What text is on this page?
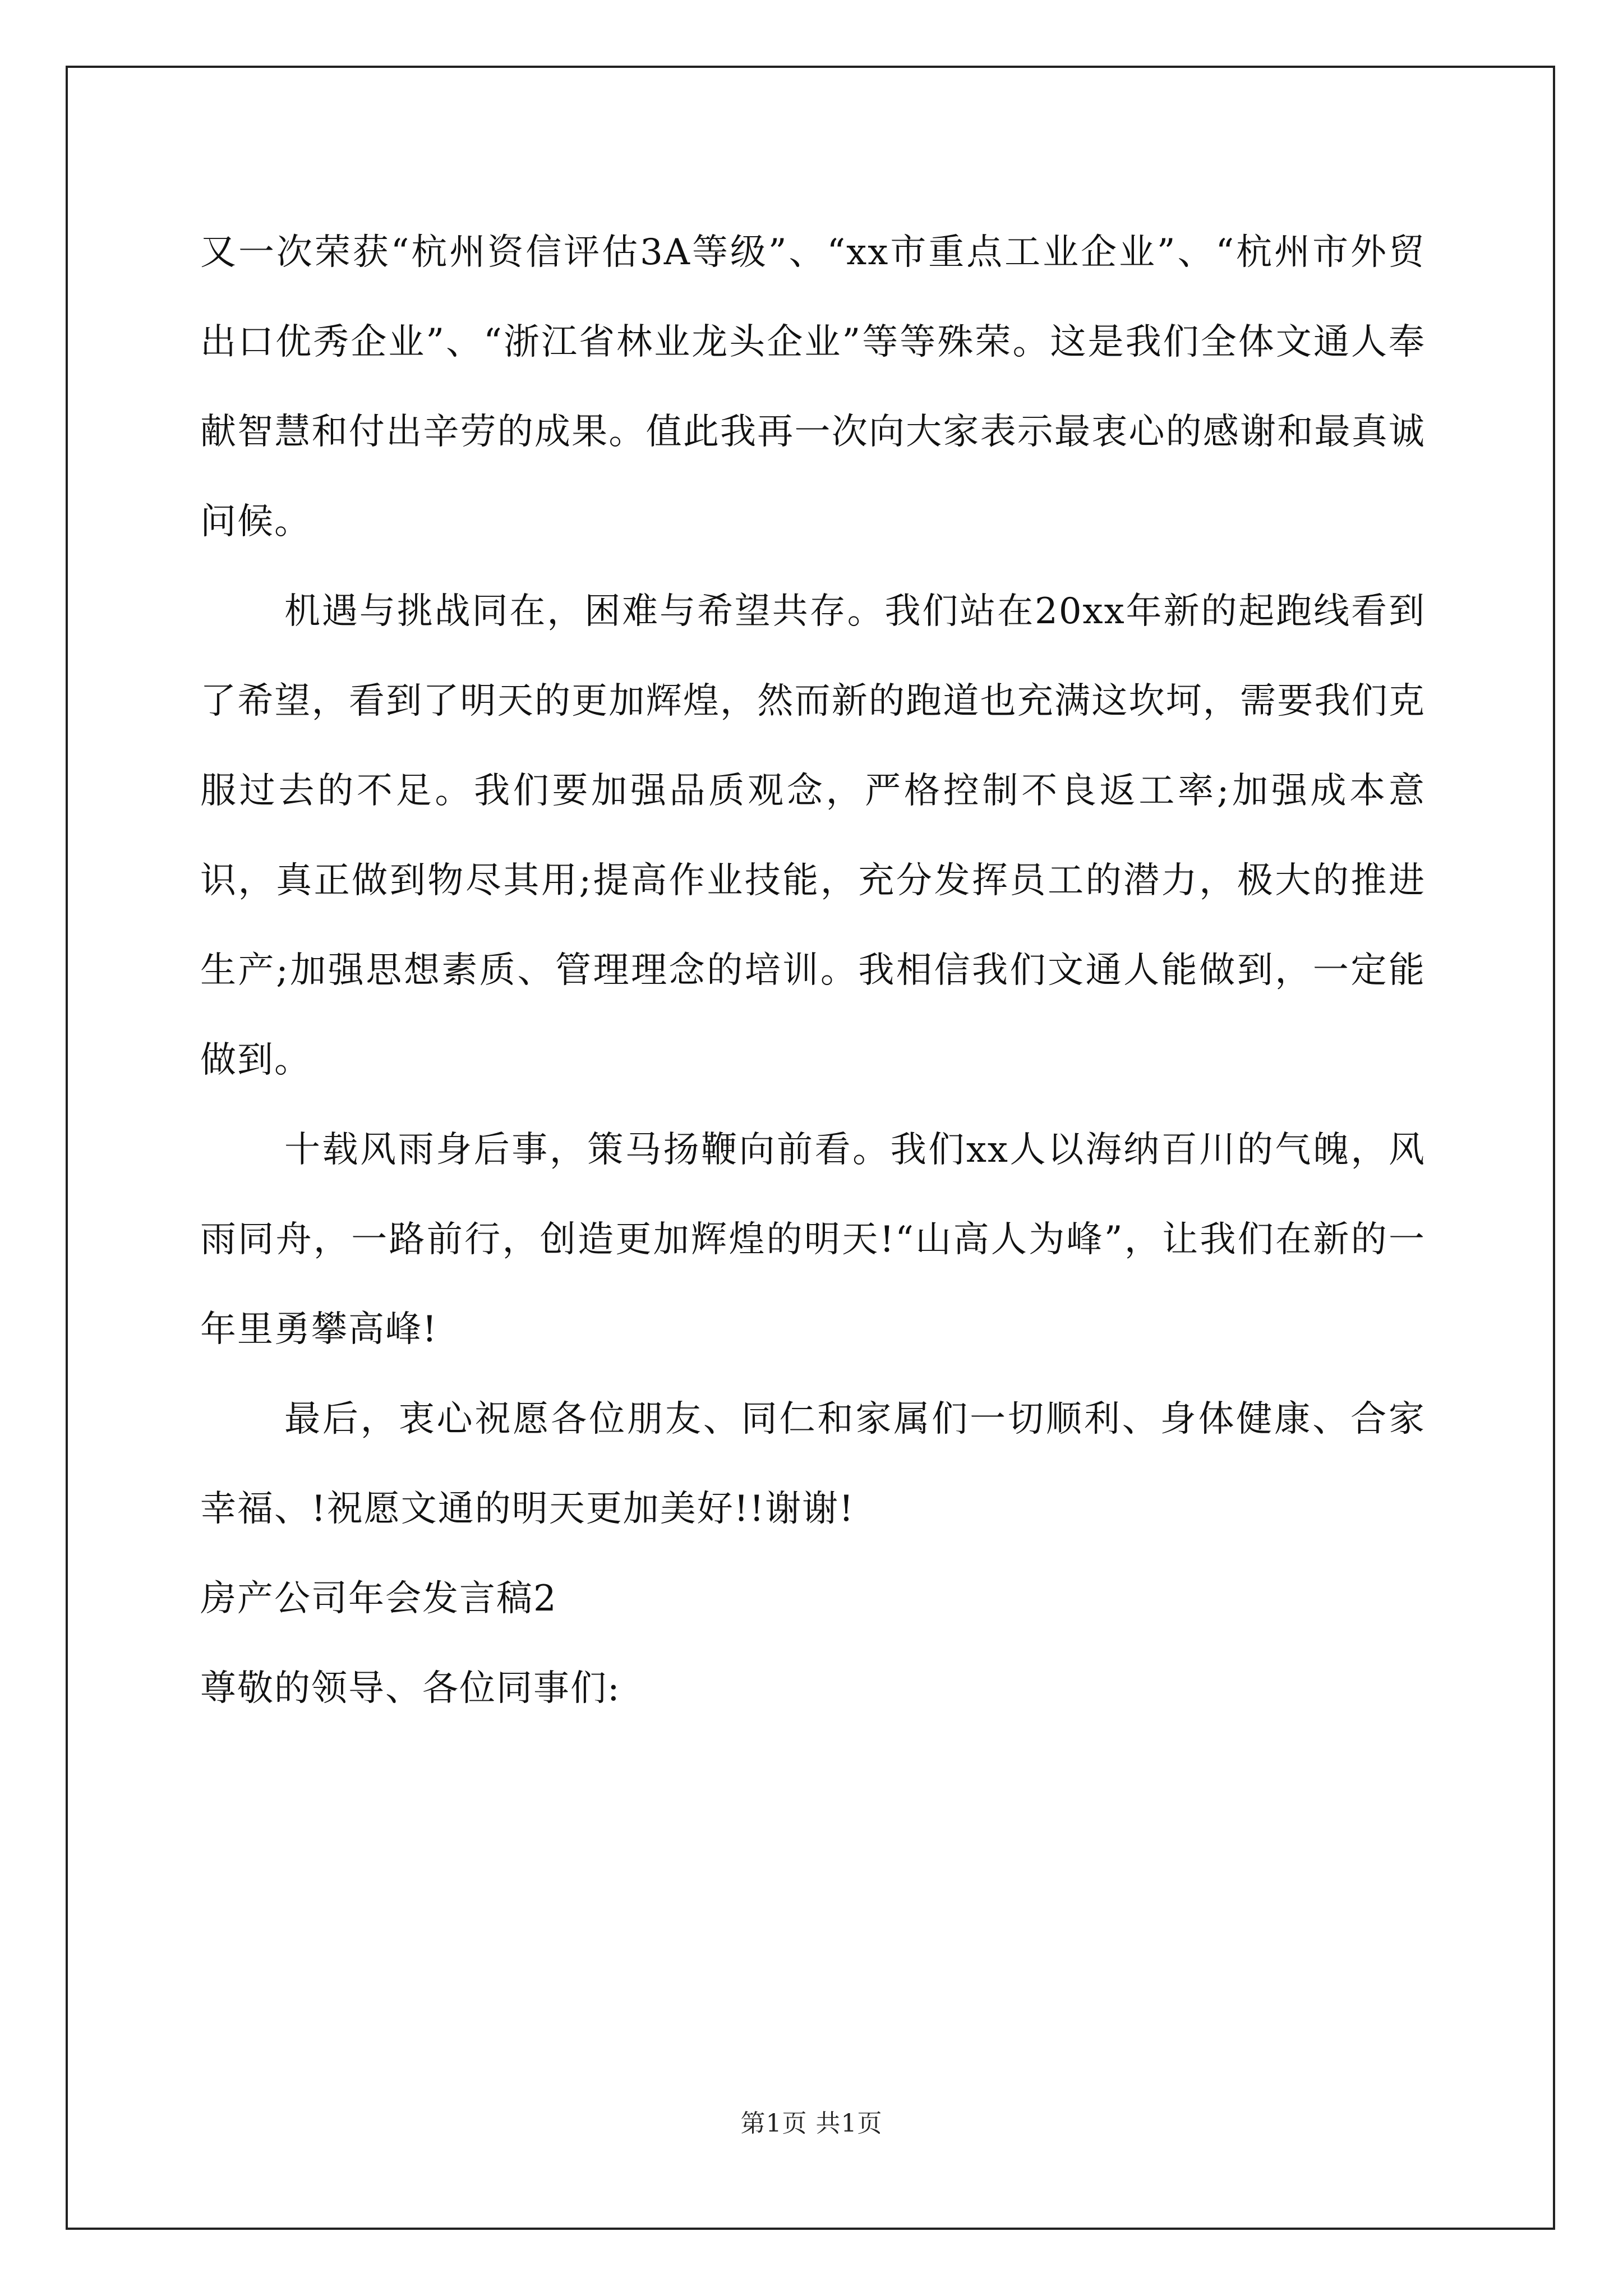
又一次荣获“杭州资信评估3A等级”、“xx市重点工业企业”、“杭州市外贸出口优秀企业”、“浙江省林业龙头企业”等等殊荣。这是我们全体文通人奉献智慧和付出辛劳的成果。值此我再一次向大家表示最衷心的感谢和最真诚问候。

机遇与挑战同在，困难与希望共存。我们站在20xx年新的起跑线看到了希望，看到了明天的更加辉煌，然而新的跑道也充满这坎坷，需要我们克服过去的不足。我们要加强品质观念，严格控制不良返工率;加强成本意识，真正做到物尽其用;提高作业技能，充分发挥员工的潜力，极大的推进生产;加强思想素质、管理理念的培训。我相信我们文通人能做到，一定能做到。

十载风雨身后事，策马扬鞭向前看。我们xx人以海纳百川的气魄，风雨同舟，一路前行，创造更加辉煌的明天!“山高人为峰”，让我们在新的一年里勇攀高峰!

最后，衷心祝愿各位朋友、同仁和家属们一切顺利、身体健康、合家幸福、!祝愿文通的明天更加美好!!谢谢!

房产公司年会发言稿2

尊敬的领导、各位同事们:

第1页 共1页
